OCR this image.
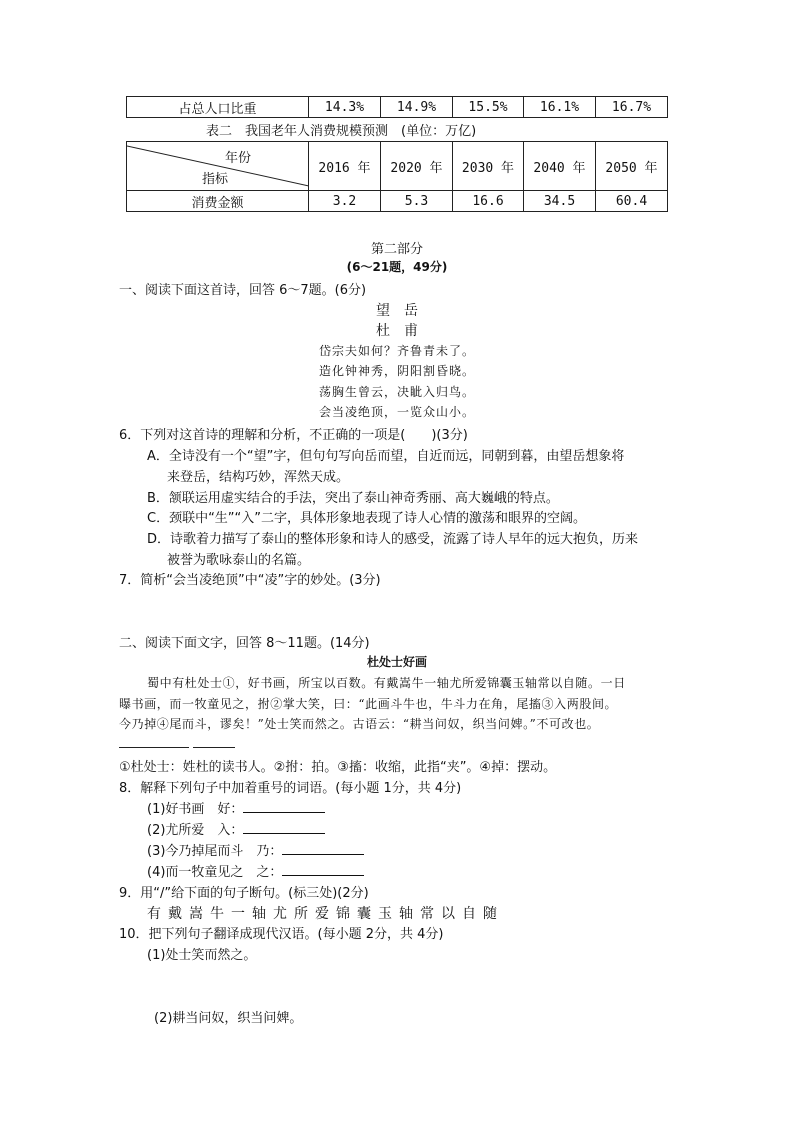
占总人口比重	14.3%	14.9%	15.5%	16.1%	16.7%
表二　我国老年人消费规模预测　(单位：万亿)
年份
指标	2016 年	2020 年	2030 年	2040 年	2050 年
消费金额	3.2	5.3	16.6	34.5	60.4
第二部分
(6～21题，49分)
一、阅读下面这首诗，回答 6～7题。(6分)
望　岳
杜　甫
岱宗夫如何？齐鲁青未了。
造化钟神秀，阴阳割昏晓。
荡胸生曾云，决眦入归鸟。
会当凌绝顶，一览众山小。
6．下列对这首诗的理解和分析，不正确的一项是(　　)(3分)
A．全诗没有一个“望”字，但句句写向岳而望，自近而远，同朝到暮，由望岳想象将
来登岳，结构巧妙，浑然天成。
B．颔联运用虚实结合的手法，突出了泰山神奇秀丽、高大巍峨的特点。
C．颈联中“生”“入”二字，具体形象地表现了诗人心情的激荡和眼界的空阔。
D．诗歌着力描写了泰山的整体形象和诗人的感受，流露了诗人早年的远大抱负，历来
被誉为歌咏泰山的名篇。
7．简析“会当凌绝顶”中“凌”字的妙处。(3分)
二、阅读下面文字，回答 8～11题。(14分)
杜处士好画
蜀中有杜处士①，好书画，所宝以百数。有戴嵩牛一轴尤所爱锦囊玉轴常以自随。一日
曝书画，而一牧童见之，拊②掌大笑，曰：“此画斗牛也，牛斗力在角，尾搐③入两股间。
今乃掉④尾而斗，谬矣！”处士笑而然之。古语云：“耕当问奴，织当问婢。”不可改也。
①杜处士：姓杜的读书人。②拊：拍。③搐：收缩，此指“夹”。④掉：摆动。
8．解释下列句子中加着重号的词语。(每小题 1分，共 4分)
(1)好书画　好：
(2)尤所爱　入：
(3)今乃掉尾而斗　乃：
(4)而一牧童见之　之：
9．用“/”给下面的句子断句。(标三处)(2分)
有戴嵩牛一轴尤所爱锦囊玉轴常以自随
10．把下列句子翻译成现代汉语。(每小题 2分，共 4分)
(1)处士笑而然之。
(2)耕当问奴，织当问婢。
